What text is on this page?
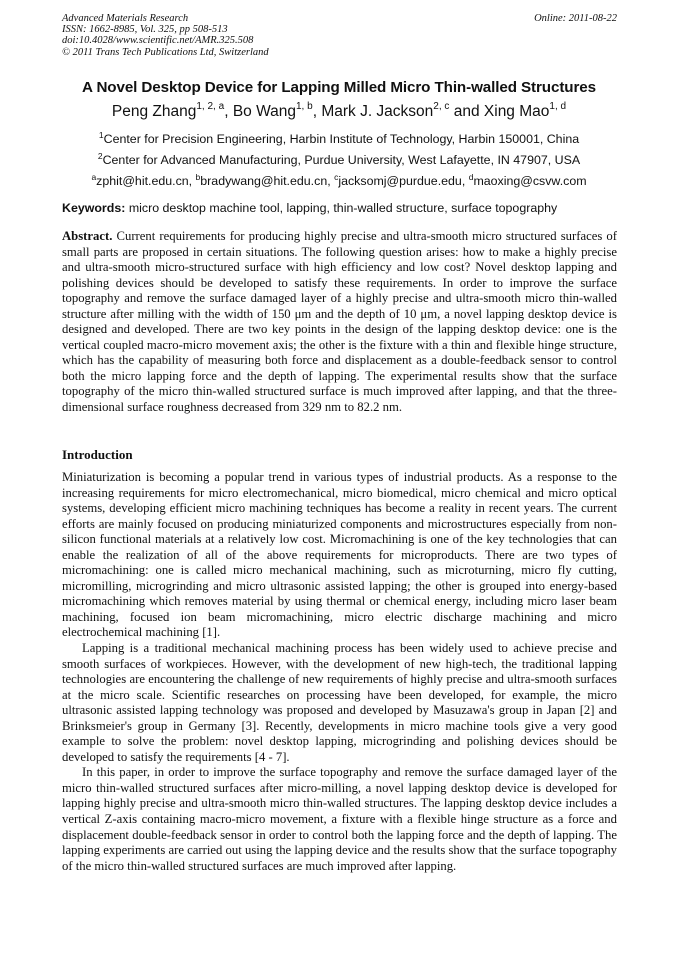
Advanced Materials Research
ISSN: 1662-8985, Vol. 325, pp 508-513
doi:10.4028/www.scientific.net/AMR.325.508
© 2011 Trans Tech Publications Ltd, Switzerland
Online: 2011-08-22
A Novel Desktop Device for Lapping Milled Micro Thin-walled Structures
Peng Zhang$^{1, 2, a}$, Bo Wang$^{1, b}$, Mark J. Jackson$^{2, c}$ and Xing Mao$^{1, d}$
$^1$Center for Precision Engineering, Harbin Institute of Technology, Harbin 150001, China
$^2$Center for Advanced Manufacturing, Purdue University, West Lafayette, IN 47907, USA
$^a$zphit@hit.edu.cn, $^b$bradywang@hit.edu.cn, $^c$jacksomj@purdue.edu, $^d$maoxing@csvw.com
Keywords: micro desktop machine tool, lapping, thin-walled structure, surface topography

Abstract. Current requirements for producing highly precise and ultra-smooth micro structured surfaces of small parts are proposed in certain situations. The following question arises: how to make a highly precise and ultra-smooth micro-structured surface with high efficiency and low cost? Novel desktop lapping and polishing devices should be developed to satisfy these requirements. In order to improve the surface topography and remove the surface damaged layer of a highly precise and ultra-smooth micro thin-walled structure after milling with the width of 150 μm and the depth of 10 μm, a novel lapping desktop device is designed and developed. There are two key points in the design of the lapping desktop device: one is the vertical coupled macro-micro movement axis; the other is the fixture with a thin and flexible hinge structure, which has the capability of measuring both force and displacement as a double-feedback sensor to control both the micro lapping force and the depth of lapping. The experimental results show that the surface topography of the micro thin-walled structured surface is much improved after lapping, and that the three-dimensional surface roughness decreased from 329 nm to 82.2 nm.

Introduction

Miniaturization is becoming a popular trend in various types of industrial products. As a response to the increasing requirements for micro electromechanical, micro biomedical, micro chemical and micro optical systems, developing efficient micro machining techniques has become a reality in recent years. The current efforts are mainly focused on producing miniaturized components and microstructures especially from non-silicon functional materials at a relatively low cost. Micromachining is one of the key technologies that can enable the realization of all of the above requirements for microproducts. There are two types of micromachining: one is called micro mechanical machining, such as microturning, micro fly cutting, micromilling, microgrinding and micro ultrasonic assisted lapping; the other is grouped into energy-based micromachining which removes material by using thermal or chemical energy, including micro laser beam machining, focused ion beam micromachining, micro electric discharge machining and micro electrochemical machining [1].

Lapping is a traditional mechanical machining process has been widely used to achieve precise and smooth surfaces of workpieces. However, with the development of new high-tech, the traditional lapping technologies are encountering the challenge of new requirements of highly precise and ultra-smooth surfaces at the micro scale. Scientific researches on processing have been developed, for example, the micro ultrasonic assisted lapping technology was proposed and developed by Masuzawa's group in Japan [2] and Brinksmeier's group in Germany [3]. Recently, developments in micro machine tools give a very good example to solve the problem: novel desktop lapping, microgrinding and polishing devices should be developed to satisfy the requirements [4 - 7].

In this paper, in order to improve the surface topography and remove the surface damaged layer of the micro thin-walled structured surfaces after micro-milling, a novel lapping desktop device is developed for lapping highly precise and ultra-smooth micro thin-walled structures. The lapping desktop device includes a vertical Z-axis containing macro-micro movement, a fixture with a flexible hinge structure as a force and displacement double-feedback sensor in order to control both the lapping force and the depth of lapping. The lapping experiments are carried out using the lapping device and the results show that the surface topography of the micro thin-walled structured surfaces are much improved after lapping.
